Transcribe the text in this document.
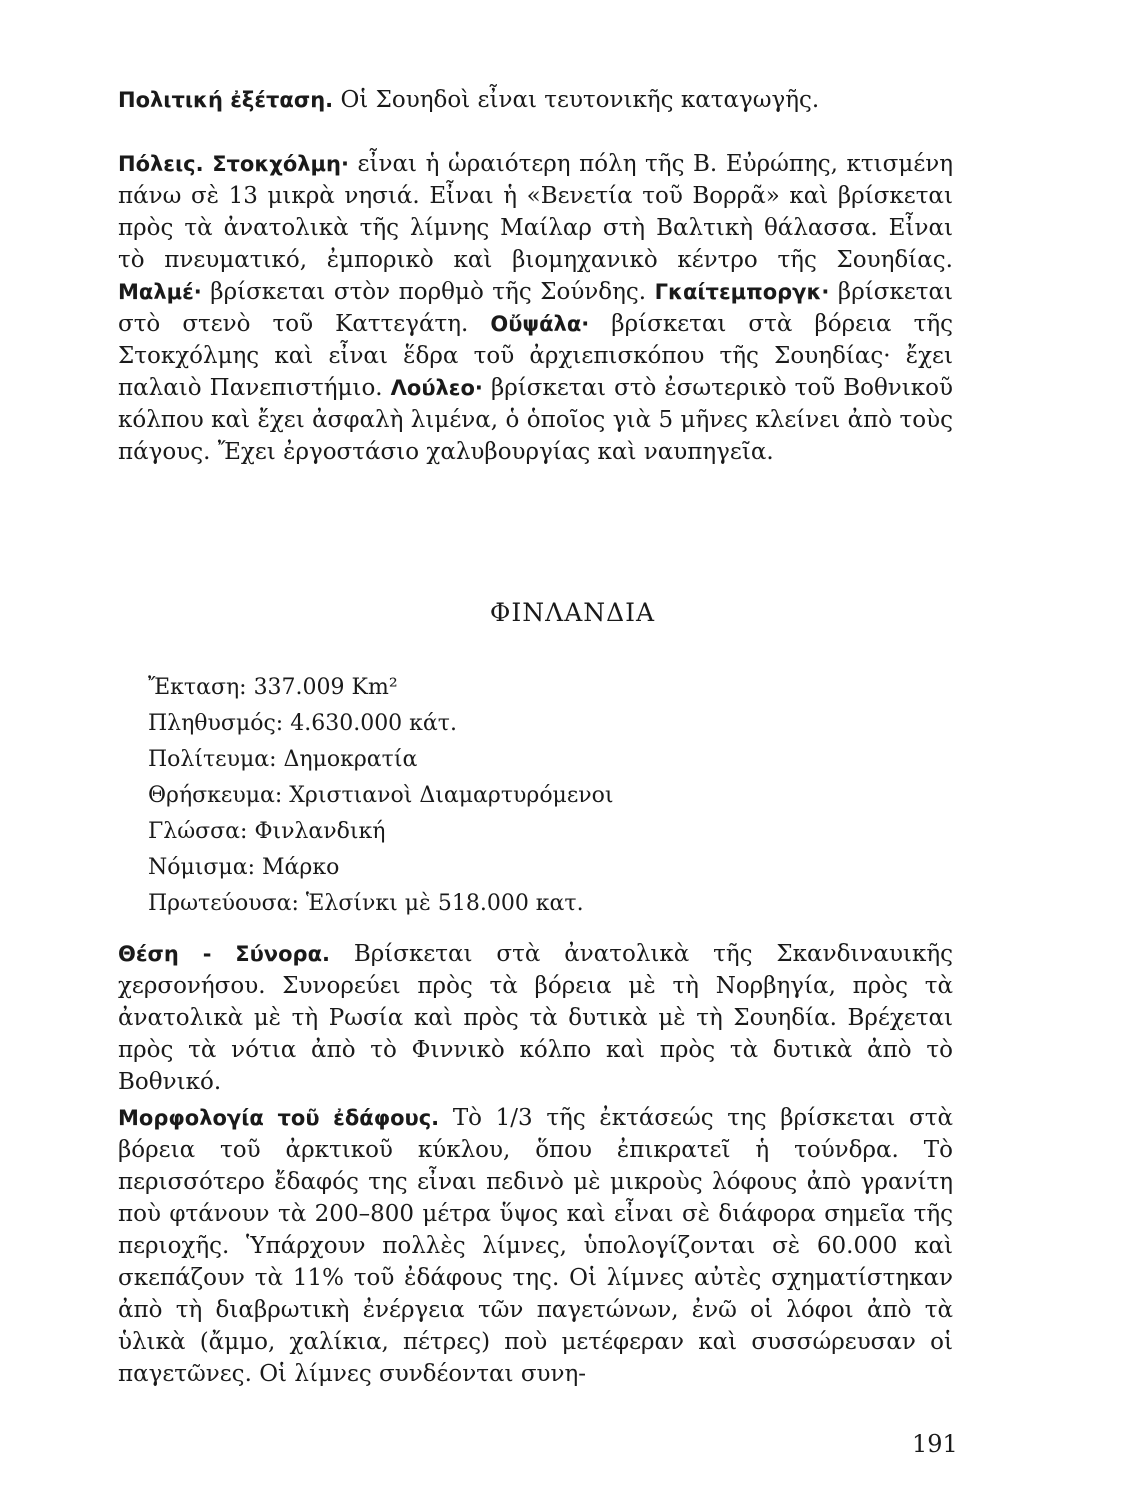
Πολιτική ἐξέταση. Οἱ Σουηδοὶ εἶναι τευτονικῆς καταγωγῆς.

Πόλεις. Στοκχόλμη· εἶναι ἡ ὡραιότερη πόλη τῆς Β. Εὐρώπης, κτισμένη πάνω σὲ 13 μικρὰ νησιά. Εἶναι ἡ «Βενετία τοῦ Βορρᾶ» καὶ βρίσκεται πρὸς τὰ ἀνατολικὰ τῆς λίμνης Μαίλαρ στὴ Βαλτικὴ θάλασσα. Εἶναι τὸ πνευματικό, ἐμπορικὸ καὶ βιομηχανικὸ κέντρο τῆς Σουηδίας. Μαλμέ· βρίσκεται στὸν πορθμὸ τῆς Σούνδης. Γκαίτεμποργκ· βρίσκεται στὸ στενὸ τοῦ Καττεγάτη. Οὔψάλα· βρίσκεται στὰ βόρεια τῆς Στοκχόλμης καὶ εἶναι ἕδρα τοῦ ἀρχιεπισκόπου τῆς Σουηδίας· ἔχει παλαιὸ Πανεπιστήμιο. Λούλεο· βρίσκεται στὸ ἐσωτερικὸ τοῦ Βοθνικοῦ κόλπου καὶ ἔχει ἀσφαλὴ λιμένα, ὁ ὁποῖος γιὰ 5 μῆνες κλείνει ἀπὸ τοὺς πάγους. Ἔχει ἐργοστάσιο χαλυβουργίας καὶ ναυπηγεῖα.

ΦΙΝΛΑΝΔΙΑ
Ἔκταση: 337.009 Km²
Πληθυσμός: 4.630.000 κάτ.
Πολίτευμα: Δημοκρατία
Θρήσκευμα: Χριστιανοὶ Διαμαρτυρόμενοι
Γλώσσα: Φινλανδική
Νόμισμα: Μάρκο
Πρωτεύουσα: Ἑλσίνκι μὲ 518.000 κατ.

Θέση - Σύνορα. Βρίσκεται στὰ ἀνατολικὰ τῆς Σκανδιναυικῆς χερσονήσου. Συνορεύει πρὸς τὰ βόρεια μὲ τὴ Νορβηγία, πρὸς τὰ ἀνατολικὰ μὲ τὴ Ρωσία καὶ πρὸς τὰ δυτικὰ μὲ τὴ Σουηδία. Βρέχεται πρὸς τὰ νότια ἀπὸ τὸ Φιννικὸ κόλπο καὶ πρὸς τὰ δυτικὰ ἀπὸ τὸ Βοθνικό.

Μορφολογία τοῦ ἐδάφους. Τὸ 1/3 τῆς ἐκτάσεώς της βρίσκεται στὰ βόρεια τοῦ ἀρκτικοῦ κύκλου, ὅπου ἐπικρατεῖ ἡ τούνδρα. Τὸ περισσότερο ἔδαφός της εἶναι πεδινὸ μὲ μικροὺς λόφους ἀπὸ γρανίτη ποὺ φτάνουν τὰ 200–800 μέτρα ὕψος καὶ εἶναι σὲ διάφορα σημεῖα τῆς περιοχῆς. Ὑπάρχουν πολλὲς λίμνες, ὑπολογίζονται σὲ 60.000 καὶ σκεπάζουν τὰ 11% τοῦ ἐδάφους της. Οἱ λίμνες αὐτὲς σχηματίστηκαν ἀπὸ τὴ διαβρωτικὴ ἐνέργεια τῶν παγετώνων, ἐνῶ οἱ λόφοι ἀπὸ τὰ ὑλικὰ (ἄμμο, χαλίκια, πέτρες) ποὺ μετέφεραν καὶ συσσώρευσαν οἱ παγετῶνες. Οἱ λίμνες συνδέονται συνη-

191
